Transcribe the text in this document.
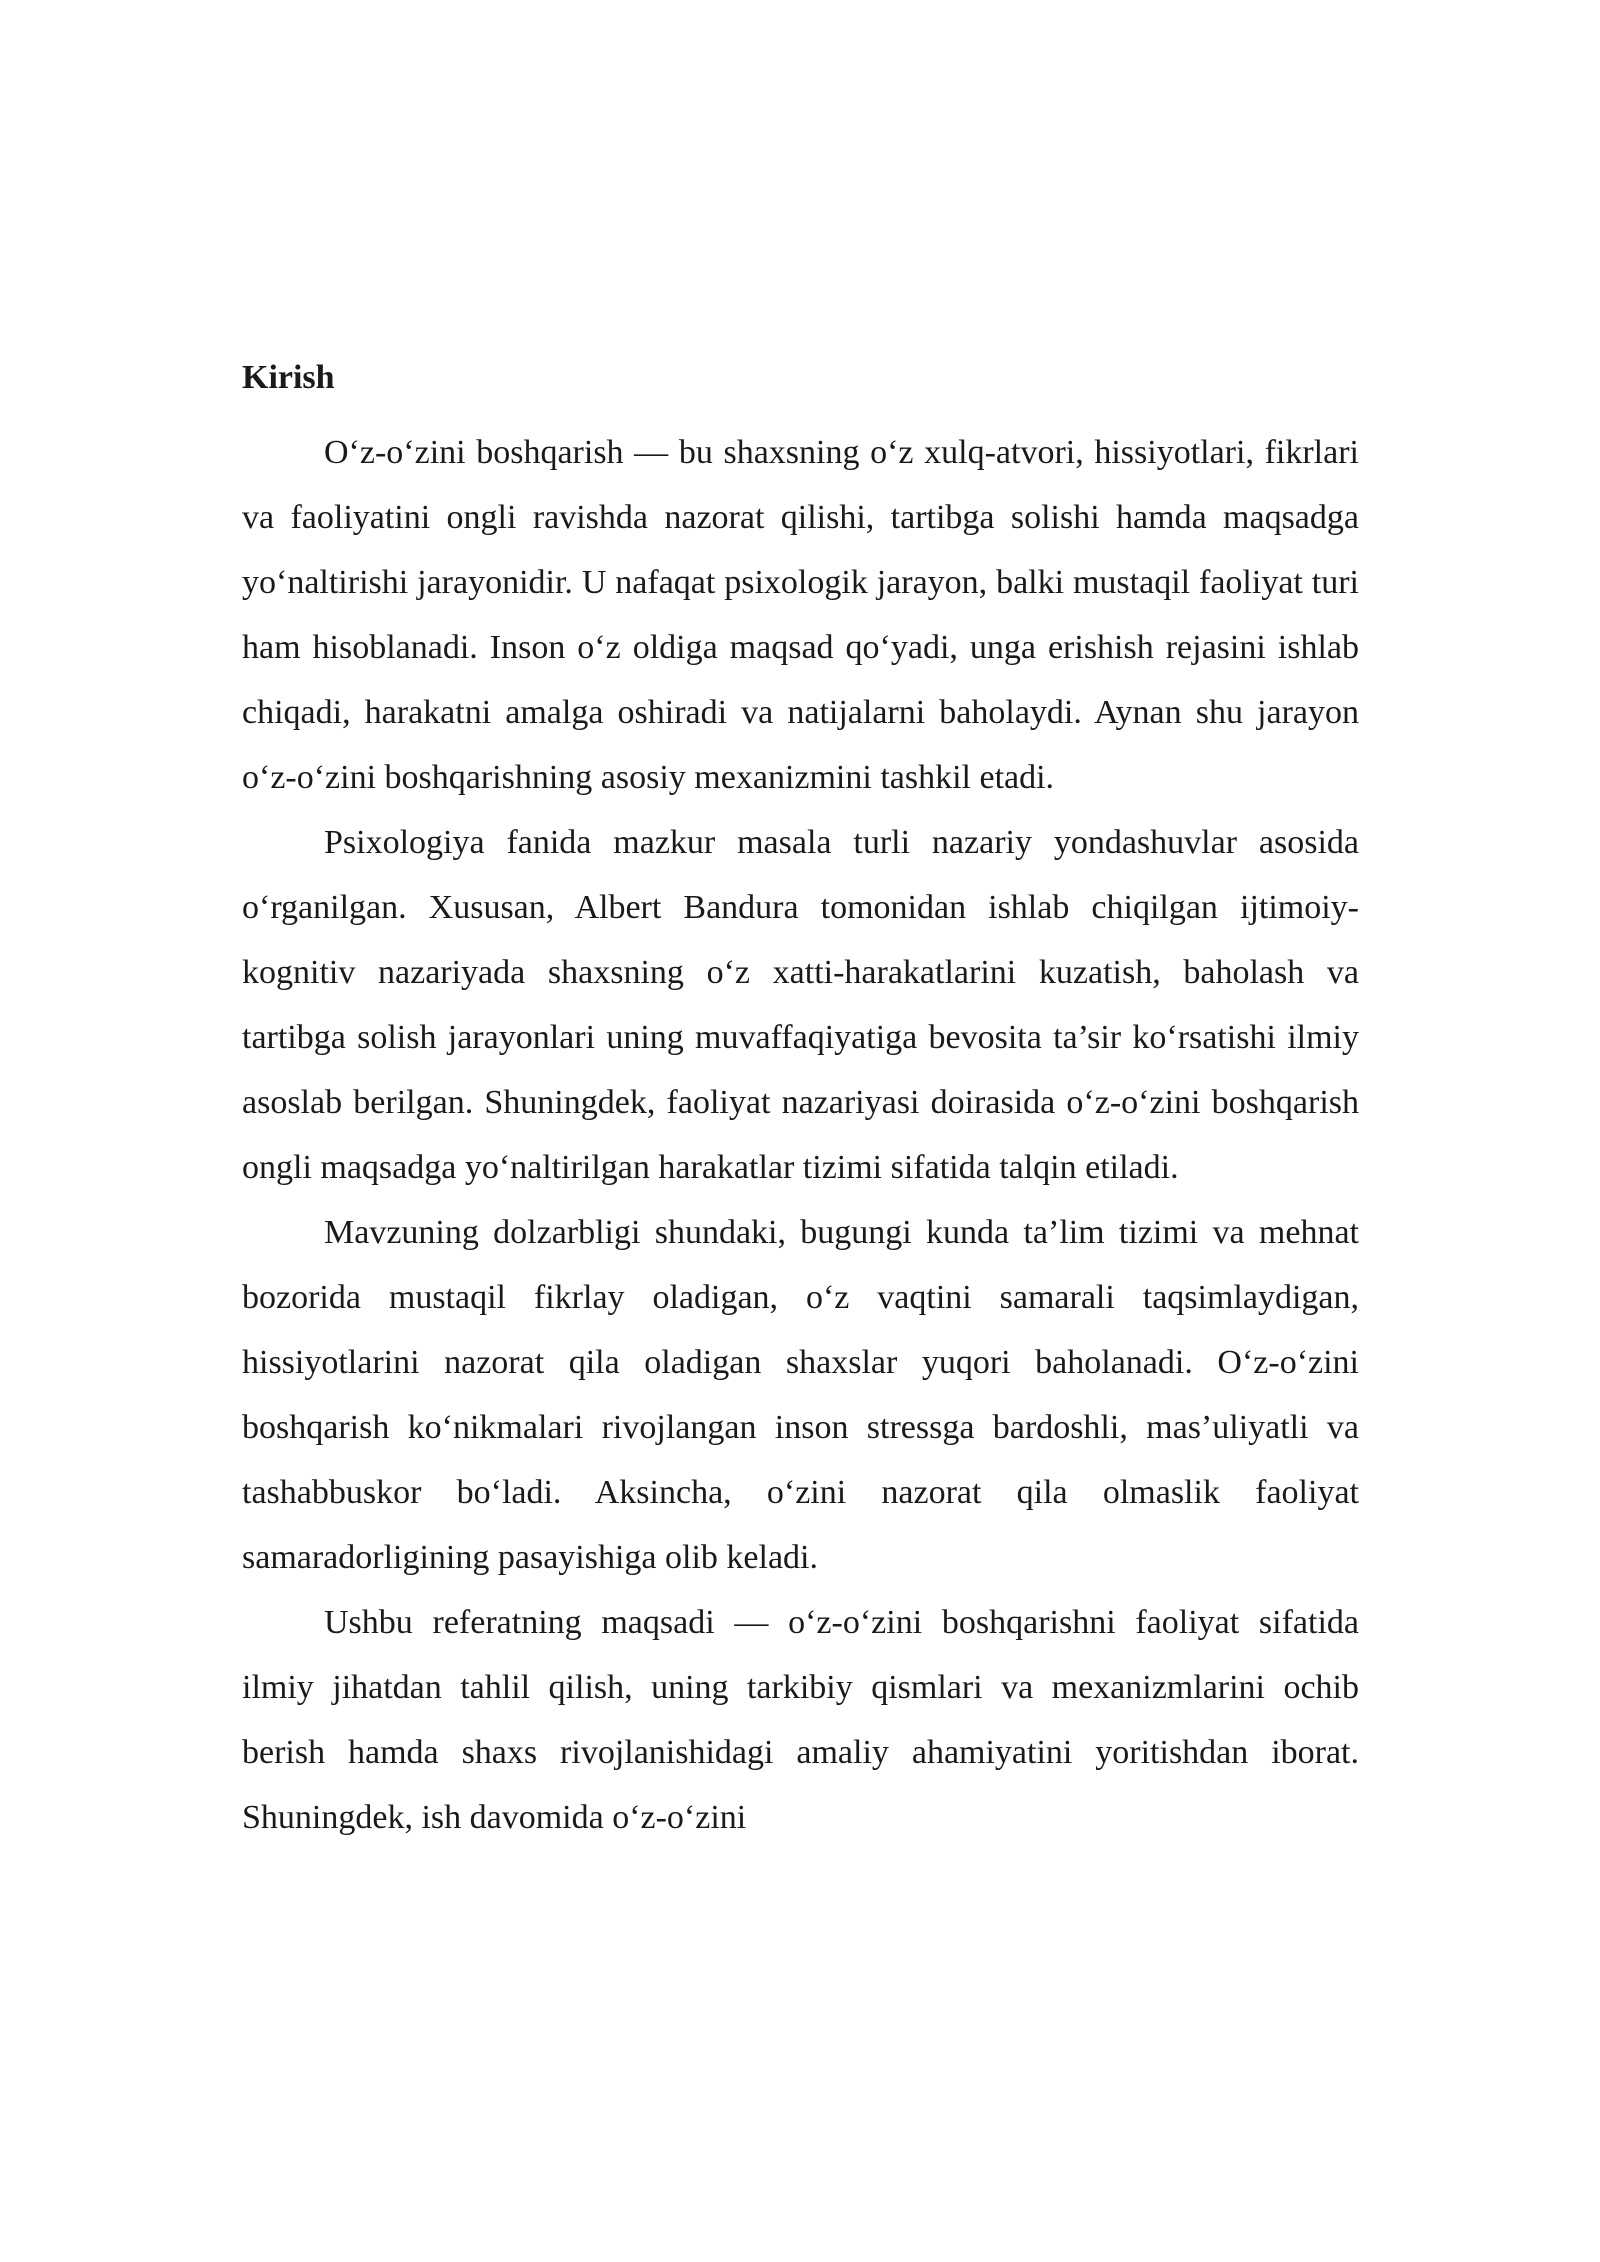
Kirish

O‘z-o‘zini boshqarish — bu shaxsning o‘z xulq-atvori, hissiyotlari, fikrlari va faoliyatini ongli ravishda nazorat qilishi, tartibga solishi hamda maqsadga yo‘naltirishi jarayonidir. U nafaqat psixologik jarayon, balki mustaqil faoliyat turi ham hisoblanadi. Inson o‘z oldiga maqsad qo‘yadi, unga erishish rejasini ishlab chiqadi, harakatni amalga oshiradi va natijalarni baholaydi. Aynan shu jarayon o‘z-o‘zini boshqarishning asosiy mexanizmini tashkil etadi.

Psixologiya fanida mazkur masala turli nazariy yondashuvlar asosida o‘rganilgan. Xususan, Albert Bandura tomonidan ishlab chiqilgan ijtimoiy-kognitiv nazariyada shaxsning o‘z xatti-harakatlarini kuzatish, baholash va tartibga solish jarayonlari uning muvaffaqiyatiga bevosita ta’sir ko‘rsatishi ilmiy asoslab berilgan. Shuningdek, faoliyat nazariyasi doirasida o‘z-o‘zini boshqarish ongli maqsadga yo‘naltirilgan harakatlar tizimi sifatida talqin etiladi.

Mavzuning dolzarbligi shundaki, bugungi kunda ta’lim tizimi va mehnat bozorida mustaqil fikrlay oladigan, o‘z vaqtini samarali taqsimlaydigan, hissiyotlarini nazorat qila oladigan shaxslar yuqori baholanadi. O‘z-o‘zini boshqarish ko‘nikmalari rivojlangan inson stressga bardoshli, mas’uliyatli va tashabbuskor bo‘ladi. Aksincha, o‘zini nazorat qila olmaslik faoliyat samaradorligining pasayishiga olib keladi.

Ushbu referatning maqsadi — o‘z-o‘zini boshqarishni faoliyat sifatida ilmiy jihatdan tahlil qilish, uning tarkibiy qismlari va mexanizmlarini ochib berish hamda shaxs rivojlanishidagi amaliy ahamiyatini yoritishdan iborat. Shuningdek, ish davomida o‘z-o‘zini
